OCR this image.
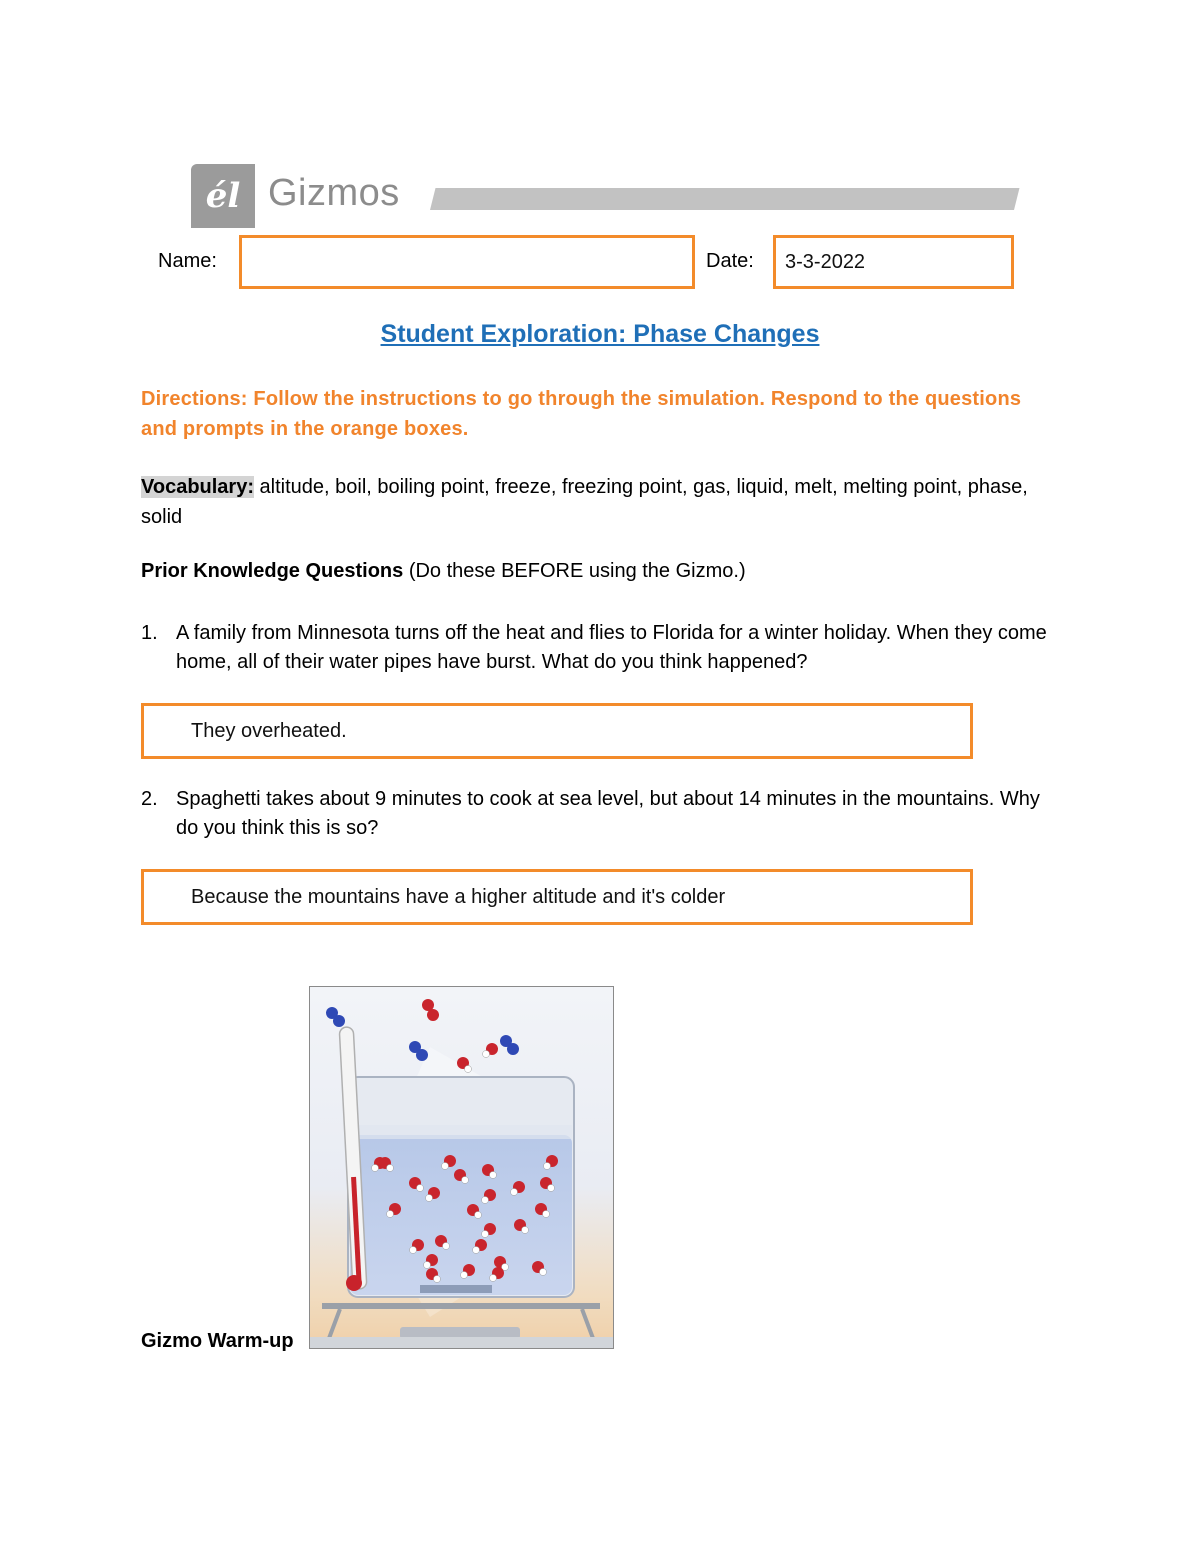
él Gizmos
Name:	Date:	3-3-2022
Student Exploration: Phase Changes
Directions: Follow the instructions to go through the simulation. Respond to the questions and prompts in the orange boxes.
Vocabulary: altitude, boil, boiling point, freeze, freezing point, gas, liquid, melt, melting point, phase, solid
Prior Knowledge Questions (Do these BEFORE using the Gizmo.)
1. A family from Minnesota turns off the heat and flies to Florida for a winter holiday. When they come home, all of their water pipes have burst. What do you think happened?
They overheated.
2. Spaghetti takes about 9 minutes to cook at sea level, but about 14 minutes in the mountains. Why do you think this is so?
Because the mountains have a higher altitude and it's colder
Gizmo Warm-up
